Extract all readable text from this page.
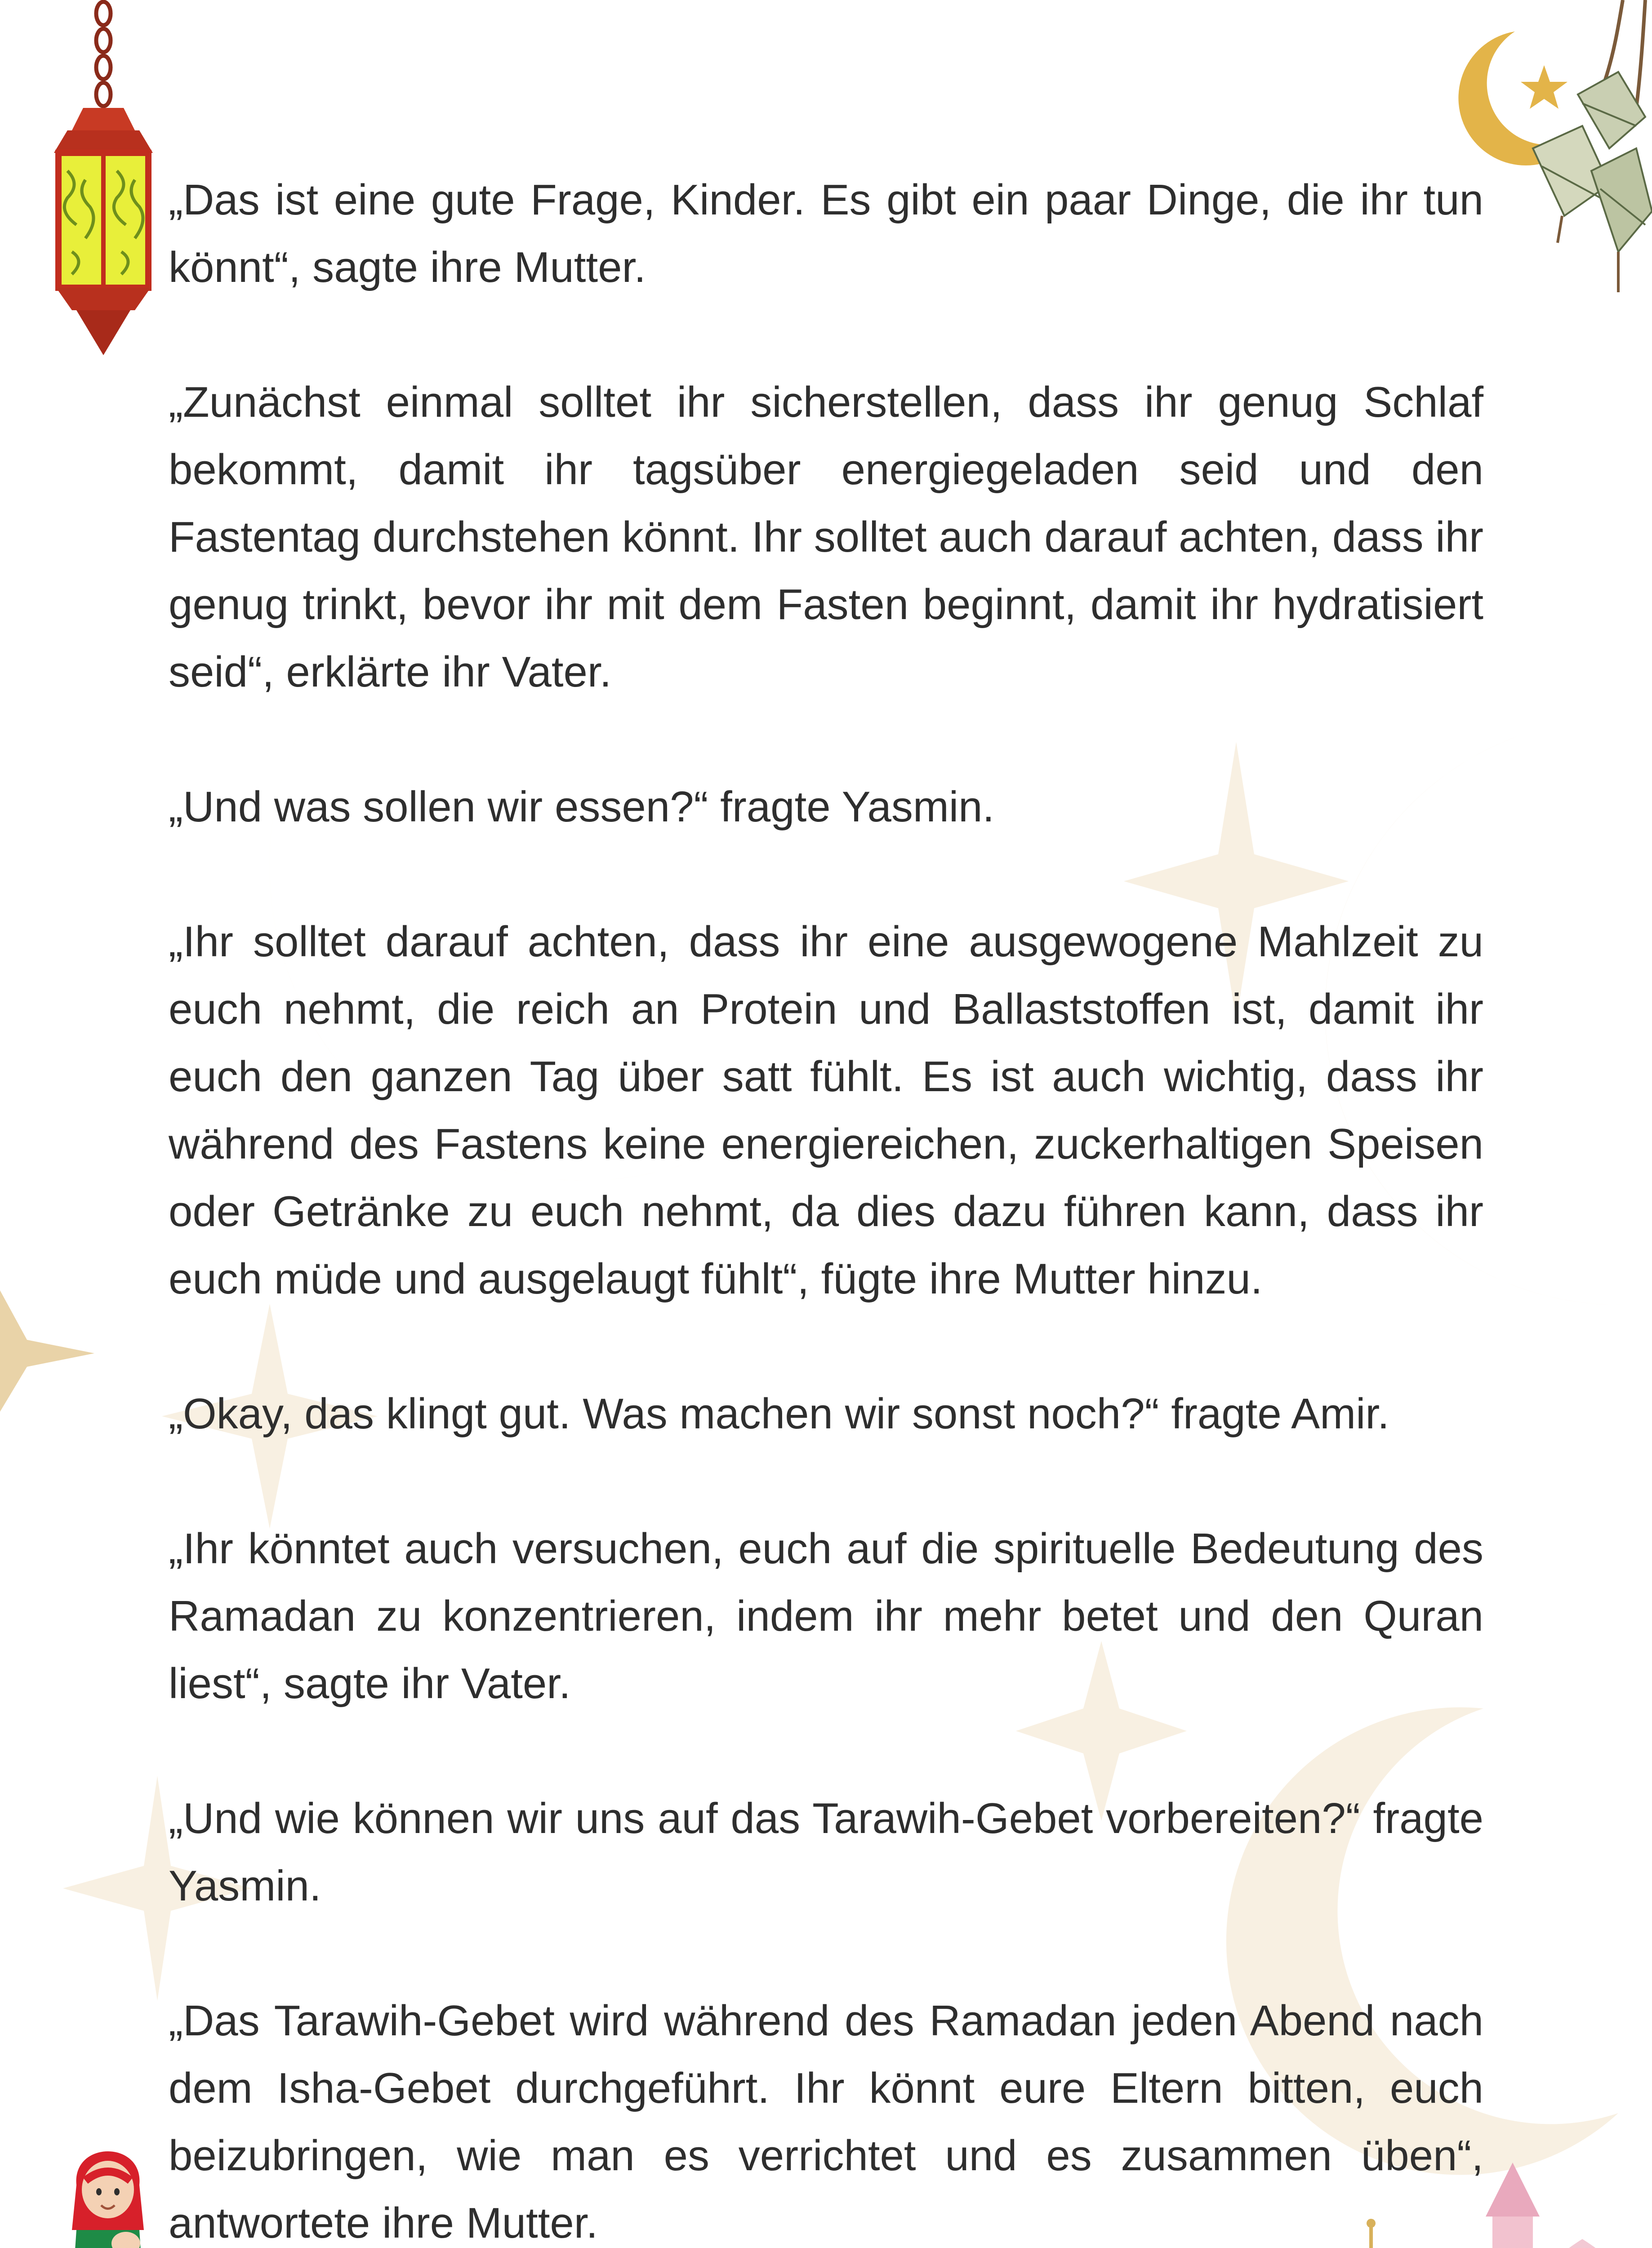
„Das ist eine gute Frage, Kinder. Es gibt ein paar Dinge, die ihr tun könnt“, sagte ihre Mutter.

„Zunächst einmal solltet ihr sicherstellen, dass ihr genug Schlaf bekommt, damit ihr tagsüber energiegeladen seid und den Fastentag durchstehen könnt. Ihr solltet auch darauf achten, dass ihr genug trinkt, bevor ihr mit dem Fasten beginnt, damit ihr hydratisiert seid“, erklärte ihr Vater.

„Und was sollen wir essen?“ fragte Yasmin.

„Ihr solltet darauf achten, dass ihr eine ausgewogene Mahlzeit zu euch nehmt, die reich an Protein und Ballaststoffen ist, damit ihr euch den ganzen Tag über satt fühlt. Es ist auch wichtig, dass ihr während des Fastens keine energiereichen, zuckerhaltigen Speisen oder Getränke zu euch nehmt, da dies dazu führen kann, dass ihr euch müde und ausgelaugt fühlt“, fügte ihre Mutter hinzu.

„Okay, das klingt gut. Was machen wir sonst noch?“ fragte Amir.

„Ihr könntet auch versuchen, euch auf die spirituelle Bedeutung des Ramadan zu konzentrieren, indem ihr mehr betet und den Quran liest“, sagte ihr Vater.

„Und wie können wir uns auf das Tarawih-Gebet vorbereiten?“ fragte Yasmin.

„Das Tarawih-Gebet wird während des Ramadan jeden Abend nach dem Isha-Gebet durchgeführt. Ihr könnt eure Eltern bitten, euch beizubringen, wie man es verrichtet und es zusammen üben“, antwortete ihre Mutter.
